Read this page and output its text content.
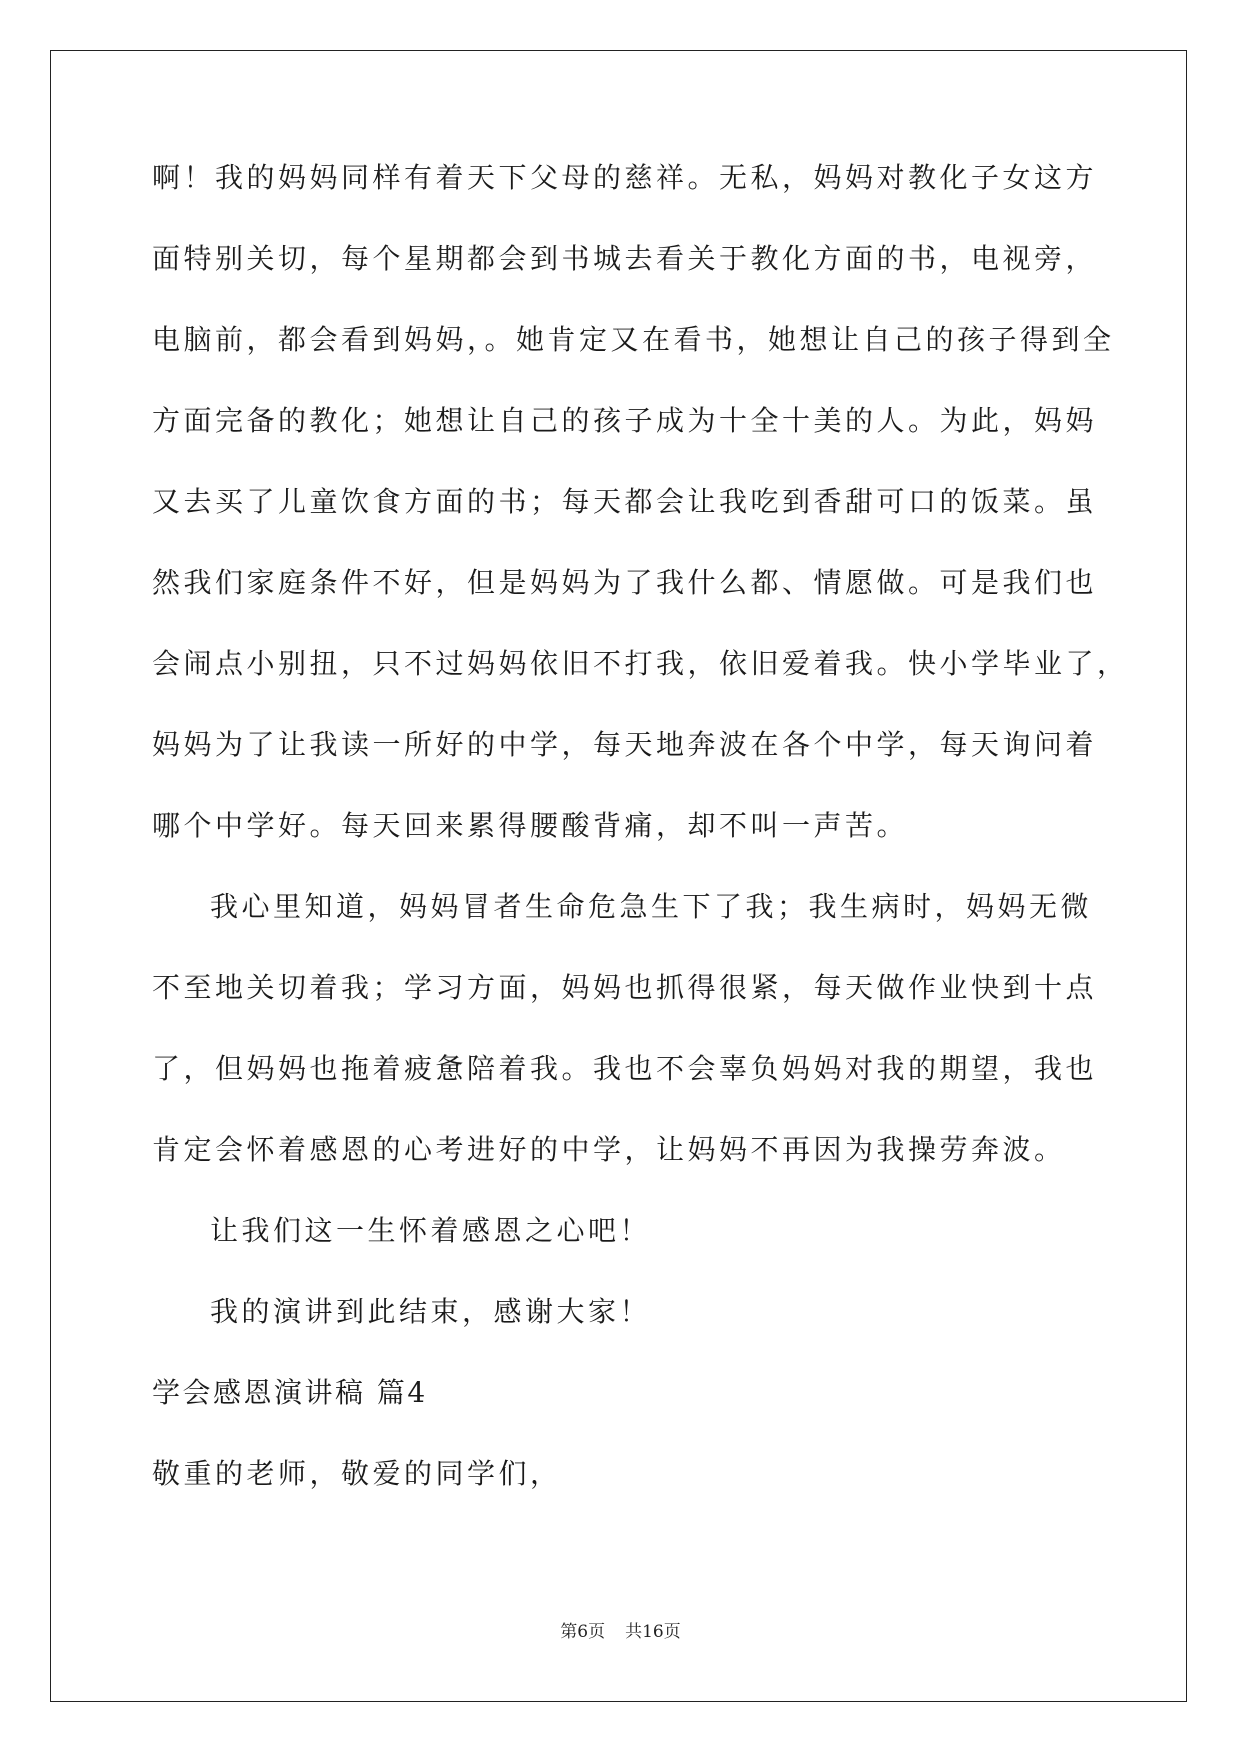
啊！我的妈妈同样有着天下父母的慈祥。无私，妈妈对教化子女这方
面特别关切，每个星期都会到书城去看关于教化方面的书，电视旁，
电脑前，都会看到妈妈，。她肯定又在看书，她想让自己的孩子得到全
方面完备的教化；她想让自己的孩子成为十全十美的人。为此，妈妈
又去买了儿童饮食方面的书；每天都会让我吃到香甜可口的饭菜。虽
然我们家庭条件不好，但是妈妈为了我什么都、情愿做。可是我们也
会闹点小别扭，只不过妈妈依旧不打我，依旧爱着我。快小学毕业了，
妈妈为了让我读一所好的中学，每天地奔波在各个中学，每天询问着
哪个中学好。每天回来累得腰酸背痛，却不叫一声苦。
我心里知道，妈妈冒者生命危急生下了我；我生病时，妈妈无微
不至地关切着我；学习方面，妈妈也抓得很紧，每天做作业快到十点
了，但妈妈也拖着疲惫陪着我。我也不会辜负妈妈对我的期望，我也
肯定会怀着感恩的心考进好的中学，让妈妈不再因为我操劳奔波。
让我们这一生怀着感恩之心吧！
我的演讲到此结束，感谢大家！
学会感恩演讲稿 篇4
敬重的老师，敬爱的同学们，
第6页 共16页
